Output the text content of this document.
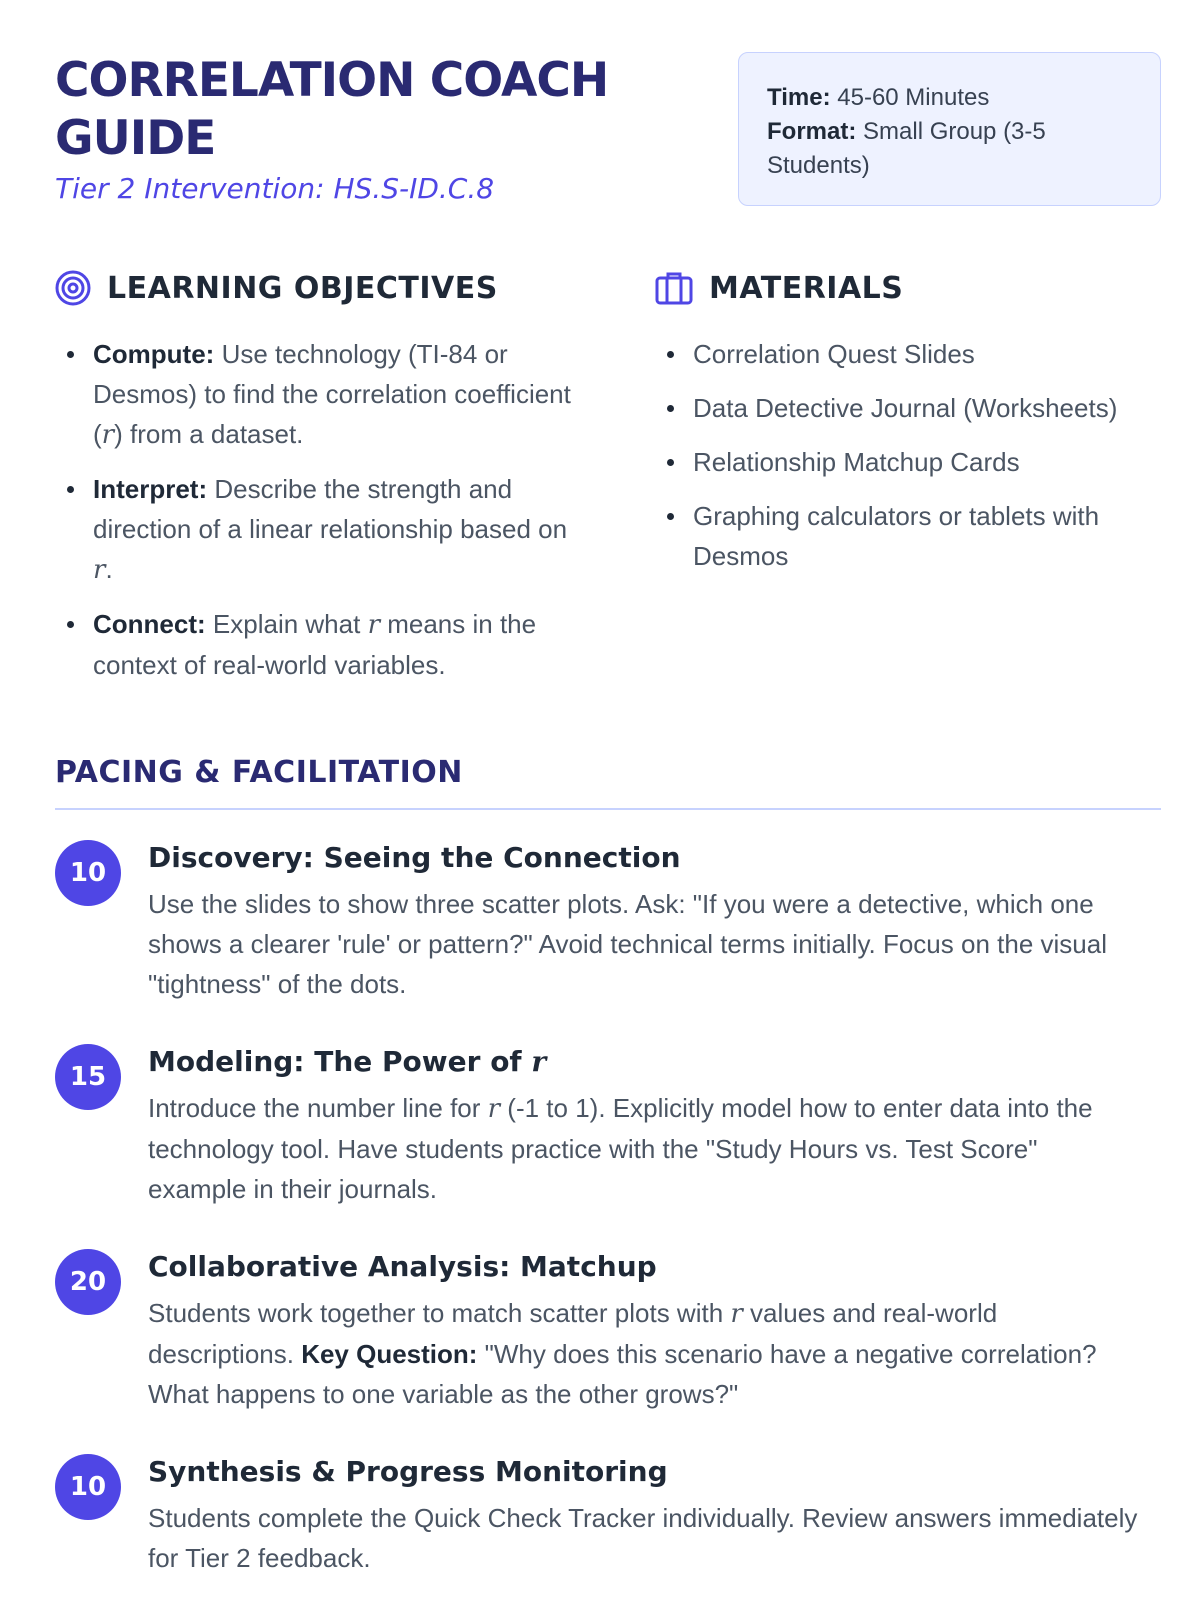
CORRELATION COACH
GUIDE
Tier 2 Intervention: HS.S-ID.C.8
Time: 45-60 Minutes
Format: Small Group (3-5 Students)
LEARNING OBJECTIVES
Compute: Use technology (TI-84 or Desmos) to find the correlation coefficient (r) from a dataset.
Interpret: Describe the strength and direction of a linear relationship based on r.
Connect: Explain what r means in the context of real-world variables.
MATERIALS
Correlation Quest Slides
Data Detective Journal (Worksheets)
Relationship Matchup Cards
Graphing calculators or tablets with Desmos
PACING & FACILITATION
10	Discovery: Seeing the Connection
Use the slides to show three scatter plots. Ask: "If you were a detective, which one shows a clearer 'rule' or pattern?" Avoid technical terms initially. Focus on the visual "tightness" of the dots.
15	Modeling: The Power of r
Introduce the number line for r (-1 to 1). Explicitly model how to enter data into the technology tool. Have students practice with the "Study Hours vs. Test Score" example in their journals.
20	Collaborative Analysis: Matchup
Students work together to match scatter plots with r values and real-world descriptions. Key Question: "Why does this scenario have a negative correlation? What happens to one variable as the other grows?"
10	Synthesis & Progress Monitoring
Students complete the Quick Check Tracker individually. Review answers immediately for Tier 2 feedback.
